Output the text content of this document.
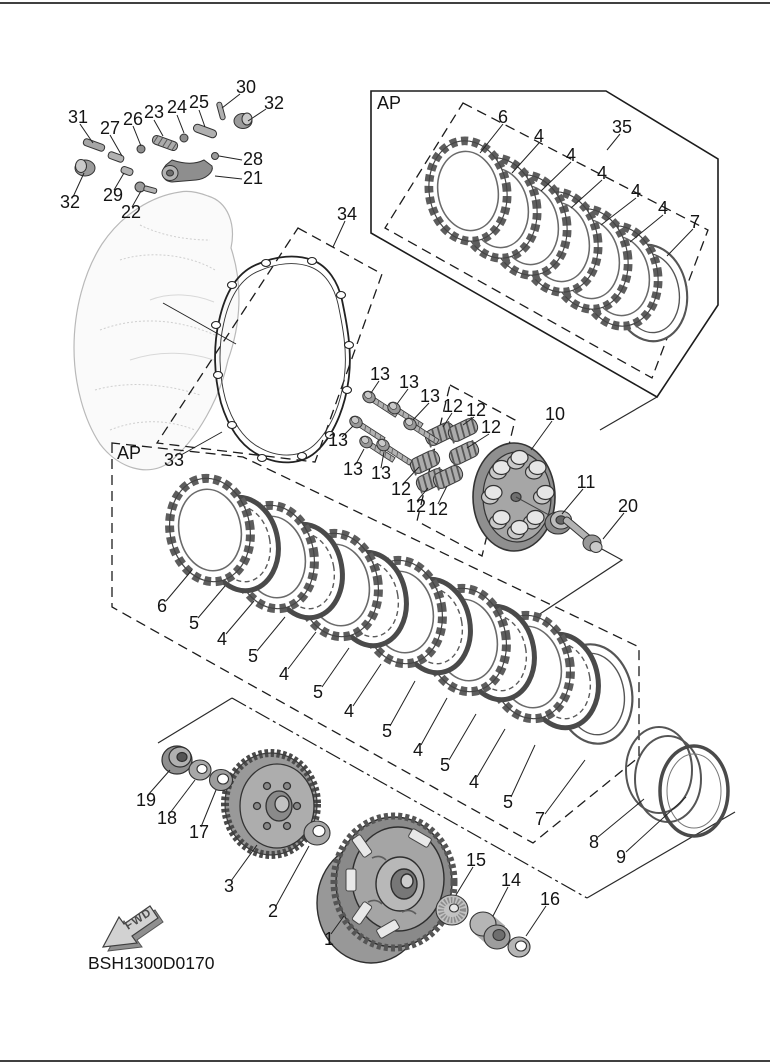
FWD
BSH1300D0170
30
32
31
27 26 23 24 25
28
21
32 29
22
6
4
4
4
4
4
35
7
34
33
13 13
13
13
13 13
12 12
12
12
12 12
10
11
20
AP
AP
6
5
4
5
4
5
4
5
4
5
4
5
7
8
9
19
18
17
3
2
1
15
14
16
